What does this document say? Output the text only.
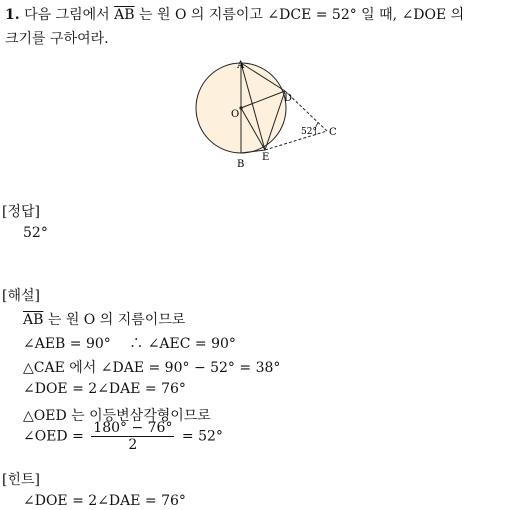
1. 다음 그림에서 $\overline{AB}$ 는 원 O 의 지름이고 ∠DCE = 52° 일 때, ∠DOE 의
크기를 구하여라.
A
B
O
D
E
C
52°
[정답]
52°
[해설]
$\overline{AB}$ 는 원 O 의 지름이므로
∠AEB = 90°　 ∴ ∠AEC = 90°
△CAE 에서 ∠DAE = 90° − 52° = 38°
∠DOE = 2∠DAE = 76°
△OED 는 이등변삼각형이므로
∠OED = $\frac{180^\circ - 76^\circ}{2} = 52^\circ$
[힌트]
∠DOE = 2∠DAE = 76°
